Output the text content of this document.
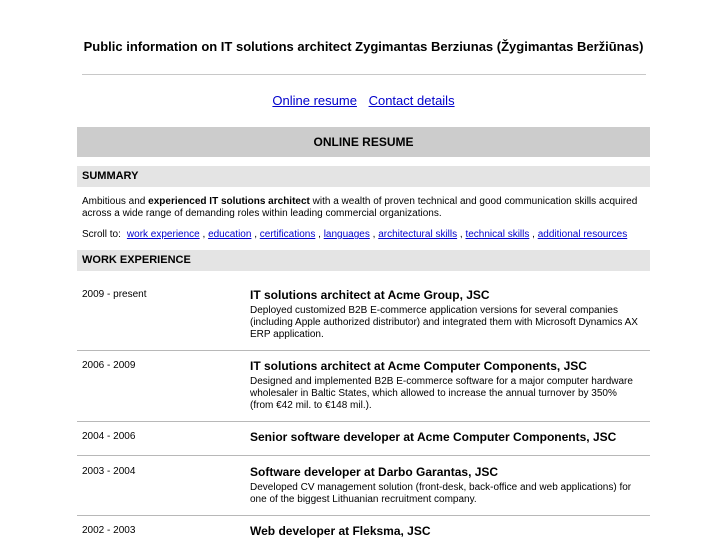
Public information on IT solutions architect Zygimantas Berziunas (Žygimantas Beržiūnas)
Online resume Contact details
ONLINE RESUME
SUMMARY
Ambitious and experienced IT solutions architect with a wealth of proven technical and good communication skills acquired across a wide range of demanding roles within leading commercial organizations.
Scroll to: work experience , education , certifications , languages , architectural skills , technical skills , additional resources
WORK EXPERIENCE
2009 - present	IT solutions architect at Acme Group, JSC
Deployed customized B2B E-commerce application versions for several companies (including Apple authorized distributor) and integrated them with Microsoft Dynamics AX ERP application.
2006 - 2009	IT solutions architect at Acme Computer Components, JSC
Designed and implemented B2B E-commerce software for a major computer hardware wholesaler in Baltic States, which allowed to increase the annual turnover by 350% (from €42 mil. to €148 mil.).
2004 - 2006	Senior software developer at Acme Computer Components, JSC
2003 - 2004	Software developer at Darbo Garantas, JSC
Developed CV management solution (front-desk, back-office and web applications) for one of the biggest Lithuanian recruitment company.
2002 - 2003	Web developer at Fleksma, JSC
